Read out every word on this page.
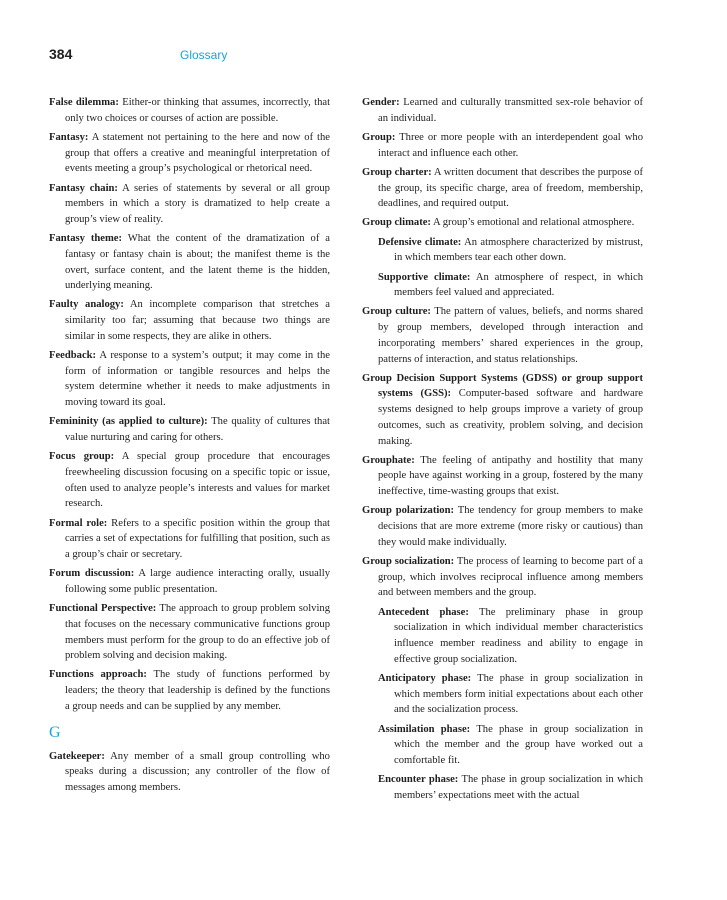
384	Glossary

False dilemma: Either-or thinking that assumes, incorrectly, that only two choices or courses of action are possible.

Fantasy: A statement not pertaining to the here and now of the group that offers a creative and meaningful interpretation of events meeting a group’s psychological or rhetorical need.

Fantasy chain: A series of statements by several or all group members in which a story is dramatized to help create a group’s view of reality.

Fantasy theme: What the content of the dramatization of a fantasy or fantasy chain is about; the manifest theme is the overt, surface content, and the latent theme is the hidden, underlying meaning.

Faulty analogy: An incomplete comparison that stretches a similarity too far; assuming that because two things are similar in some respects, they are alike in others.

Feedback: A response to a system’s output; it may come in the form of information or tangible resources and helps the system determine whether it needs to make adjustments in moving toward its goal.

Femininity (as applied to culture): The quality of cultures that value nurturing and caring for others.

Focus group: A special group procedure that encourages freewheeling discussion focusing on a specific topic or issue, often used to analyze people’s interests and values for market research.

Formal role: Refers to a specific position within the group that carries a set of expectations for fulfilling that position, such as a group’s chair or secretary.

Forum discussion: A large audience interacting orally, usually following some public presentation.

Functional Perspective: The approach to group problem solving that focuses on the necessary communicative functions group members must perform for the group to do an effective job of problem solving and decision making.

Functions approach: The study of functions performed by leaders; the theory that leadership is defined by the functions a group needs and can be supplied by any member.

G

Gatekeeper: Any member of a small group controlling who speaks during a discussion; any controller of the flow of messages among members.

Gender: Learned and culturally transmitted sex-role behavior of an individual.

Group: Three or more people with an interdependent goal who interact and influence each other.

Group charter: A written document that describes the purpose of the group, its specific charge, area of freedom, membership, deadlines, and required output.

Group climate: A group’s emotional and relational atmosphere.

Defensive climate: An atmosphere characterized by mistrust, in which members tear each other down.

Supportive climate: An atmosphere of respect, in which members feel valued and appreciated.

Group culture: The pattern of values, beliefs, and norms shared by group members, developed through interaction and incorporating members’ shared experiences in the group, patterns of interaction, and status relationships.

Group Decision Support Systems (GDSS) or group support systems (GSS): Computer-based software and hardware systems designed to help groups improve a variety of group outcomes, such as creativity, problem solving, and decision making.

Grouphate: The feeling of antipathy and hostility that many people have against working in a group, fostered by the many ineffective, time-wasting groups that exist.

Group polarization: The tendency for group members to make decisions that are more extreme (more risky or cautious) than they would make individually.

Group socialization: The process of learning to become part of a group, which involves reciprocal influence among members and between members and the group.

Antecedent phase: The preliminary phase in group socialization in which individual member characteristics influence member readiness and ability to engage in effective group socialization.

Anticipatory phase: The phase in group socialization in which members form initial expectations about each other and the socialization process.

Assimilation phase: The phase in group socialization in which the member and the group have worked out a comfortable fit.

Encounter phase: The phase in group socialization in which members’ expectations meet with the actual
